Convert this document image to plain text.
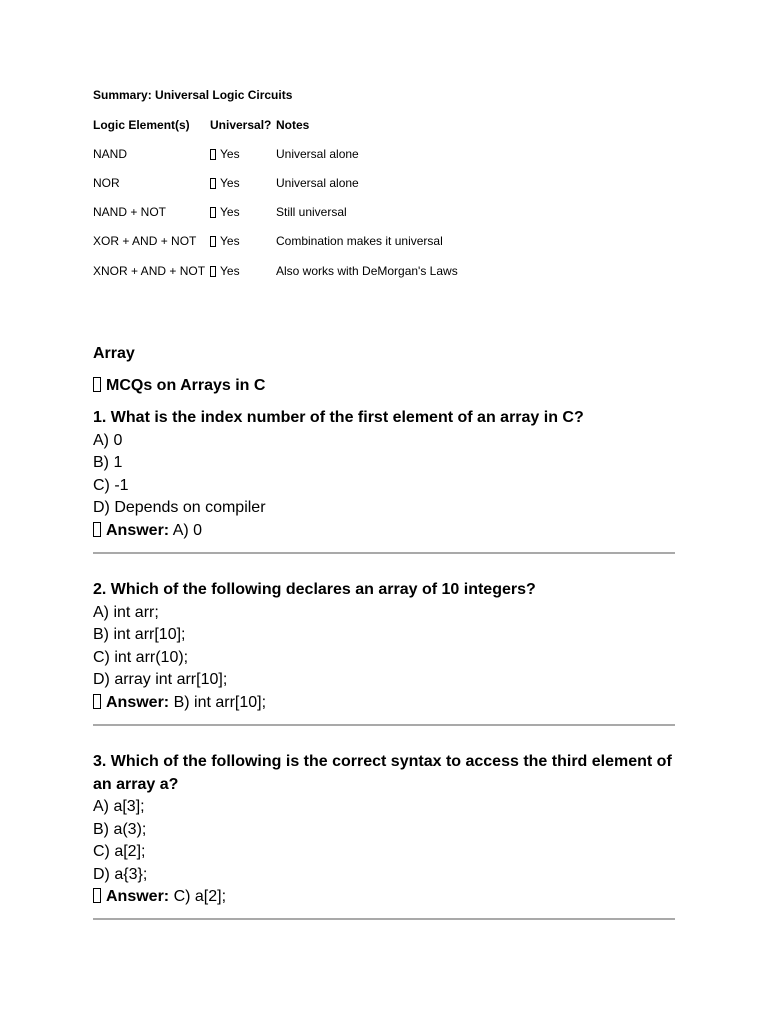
Summary: Universal Logic Circuits
Logic Element(s)	Universal?	Notes
NAND	Yes	Universal alone
NOR	Yes	Universal alone
NAND + NOT	Yes	Still universal
XOR + AND + NOT	Yes	Combination makes it universal
XNOR + AND + NOT	Yes	Also works with DeMorgan's Laws
Array
MCQs on Arrays in C
1. What is the index number of the first element of an array in C?
A) 0
B) 1
C) -1
D) Depends on compiler
Answer: A) 0
2. Which of the following declares an array of 10 integers?
A) int arr;
B) int arr[10];
C) int arr(10);
D) array int arr[10];
Answer: B) int arr[10];
3. Which of the following is the correct syntax to access the third element of an array a?
A) a[3];
B) a(3);
C) a[2];
D) a{3};
Answer: C) a[2];
